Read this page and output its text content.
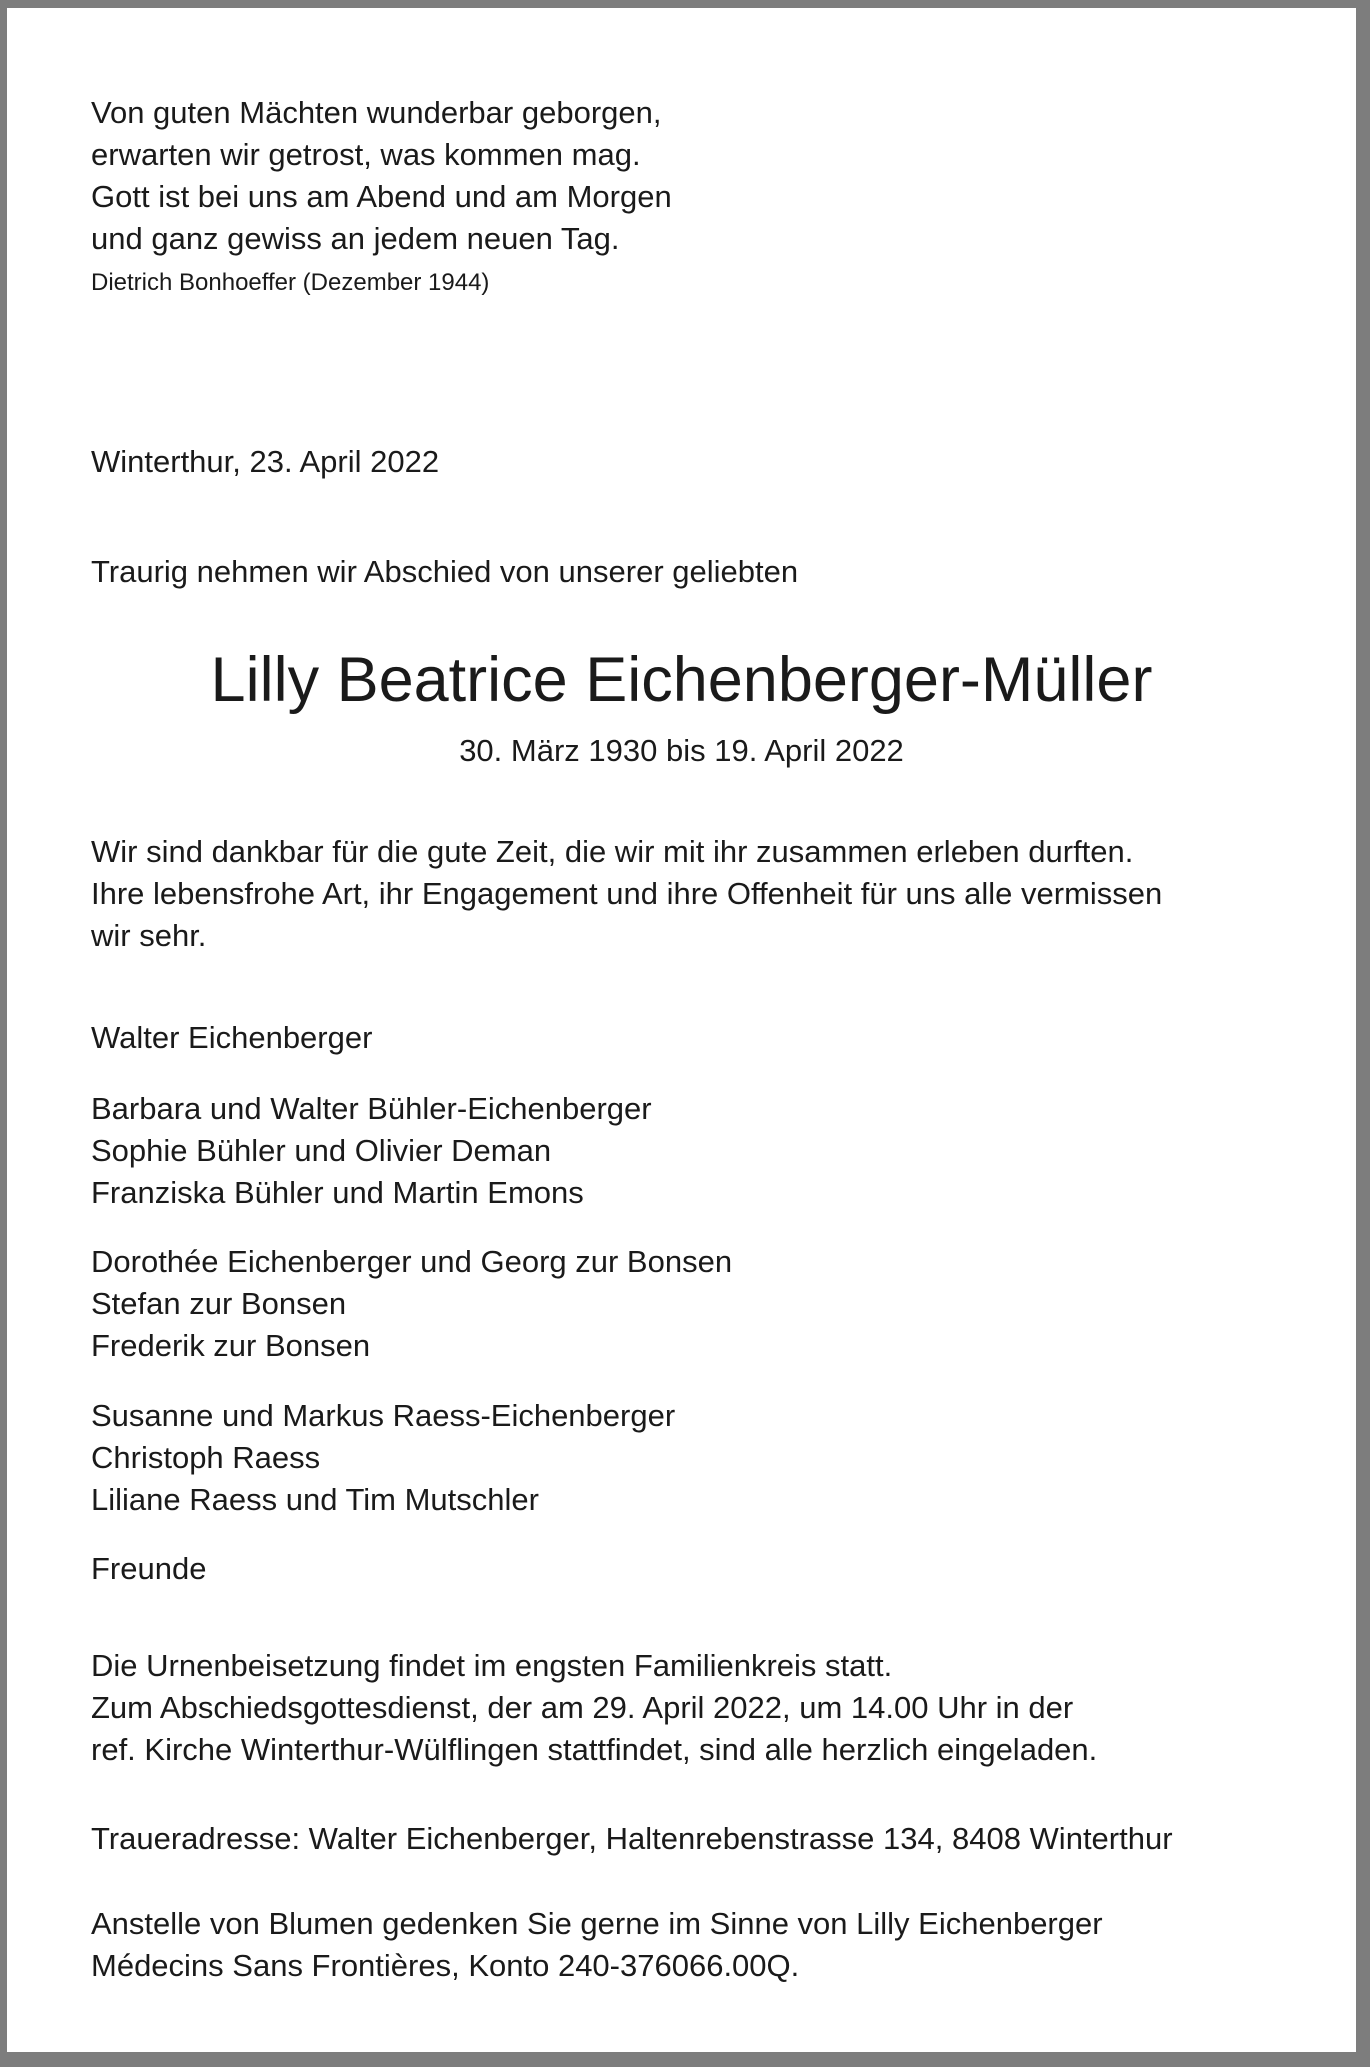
Von guten Mächten wunderbar geborgen,
erwarten wir getrost, was kommen mag.
Gott ist bei uns am Abend und am Morgen
und ganz gewiss an jedem neuen Tag.
Dietrich Bonhoeffer (Dezember 1944)
Winterthur, 23. April 2022
Traurig nehmen wir Abschied von unserer geliebten
Lilly Beatrice Eichenberger-Müller
30. März 1930 bis 19. April 2022
Wir sind dankbar für die gute Zeit, die wir mit ihr zusammen erleben durften.
Ihre lebensfrohe Art, ihr Engagement und ihre Offenheit für uns alle vermissen
wir sehr.
Walter Eichenberger
Barbara und Walter Bühler-Eichenberger
Sophie Bühler und Olivier Deman
Franziska Bühler und Martin Emons
Dorothée Eichenberger und Georg zur Bonsen
Stefan zur Bonsen
Frederik zur Bonsen
Susanne und Markus Raess-Eichenberger
Christoph Raess
Liliane Raess und Tim Mutschler
Freunde
Die Urnenbeisetzung findet im engsten Familienkreis statt.
Zum Abschiedsgottesdienst, der am 29. April 2022, um 14.00 Uhr in der
ref. Kirche Winterthur-Wülflingen stattfindet, sind alle herzlich eingeladen.
Traueradresse: Walter Eichenberger, Haltenrebenstrasse 134, 8408 Winterthur
Anstelle von Blumen gedenken Sie gerne im Sinne von Lilly Eichenberger
Médecins Sans Frontières, Konto 240-376066.00Q.
